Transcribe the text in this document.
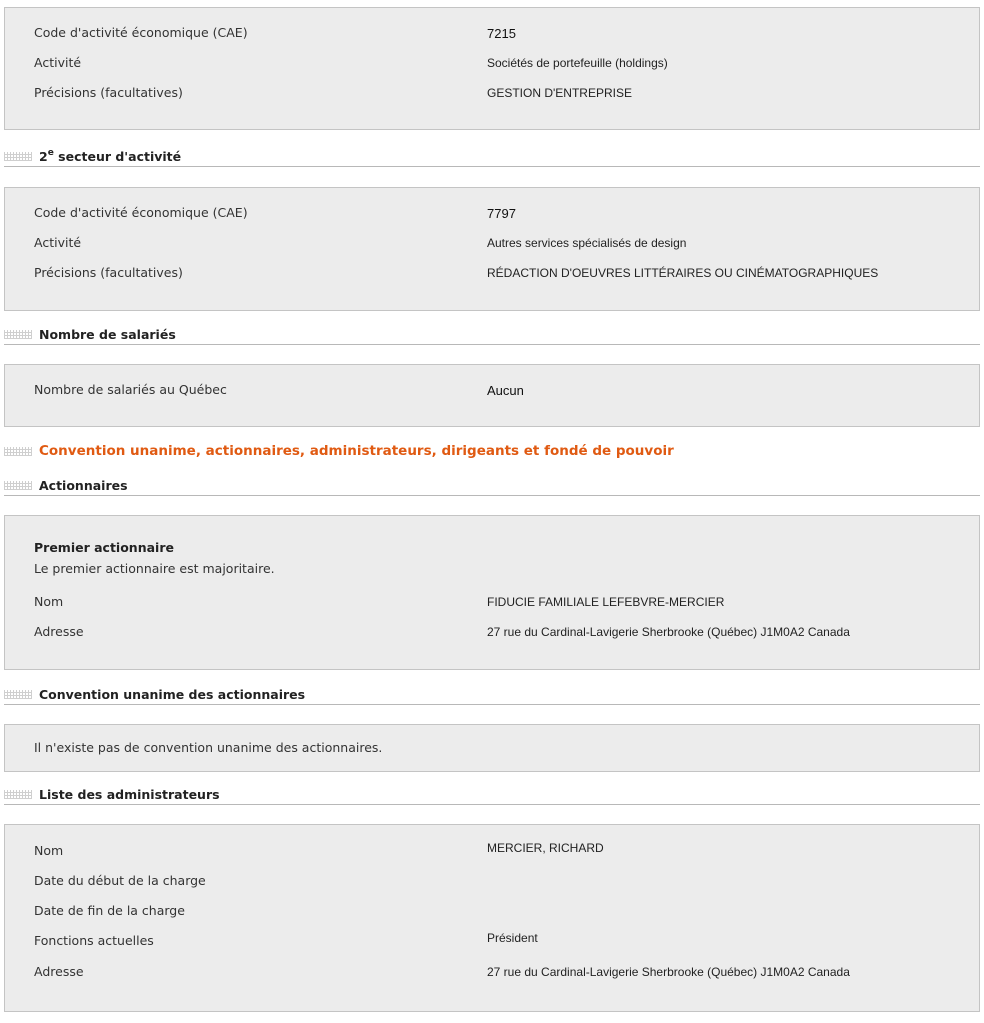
Code d'activité économique (CAE)	7215
Activité	Sociétés de portefeuille (holdings)
Précisions (facultatives)	GESTION D'ENTREPRISE
2e secteur d'activité
Code d'activité économique (CAE)	7797
Activité	Autres services spécialisés de design
Précisions (facultatives)	RÉDACTION D'OEUVRES LITTÉRAIRES OU CINÉMATOGRAPHIQUES
Nombre de salariés
Nombre de salariés au Québec	Aucun
Convention unanime, actionnaires, administrateurs, dirigeants et fondé de pouvoir
Actionnaires
Premier actionnaire
Le premier actionnaire est majoritaire.
Nom	FIDUCIE FAMILIALE LEFEBVRE-MERCIER
Adresse	27 rue du Cardinal-Lavigerie Sherbrooke (Québec) J1M0A2 Canada
Convention unanime des actionnaires
Il n'existe pas de convention unanime des actionnaires.
Liste des administrateurs
Nom	MERCIER, RICHARD
Date du début de la charge
Date de fin de la charge
Fonctions actuelles	Président
Adresse	27 rue du Cardinal-Lavigerie Sherbrooke (Québec) J1M0A2 Canada
